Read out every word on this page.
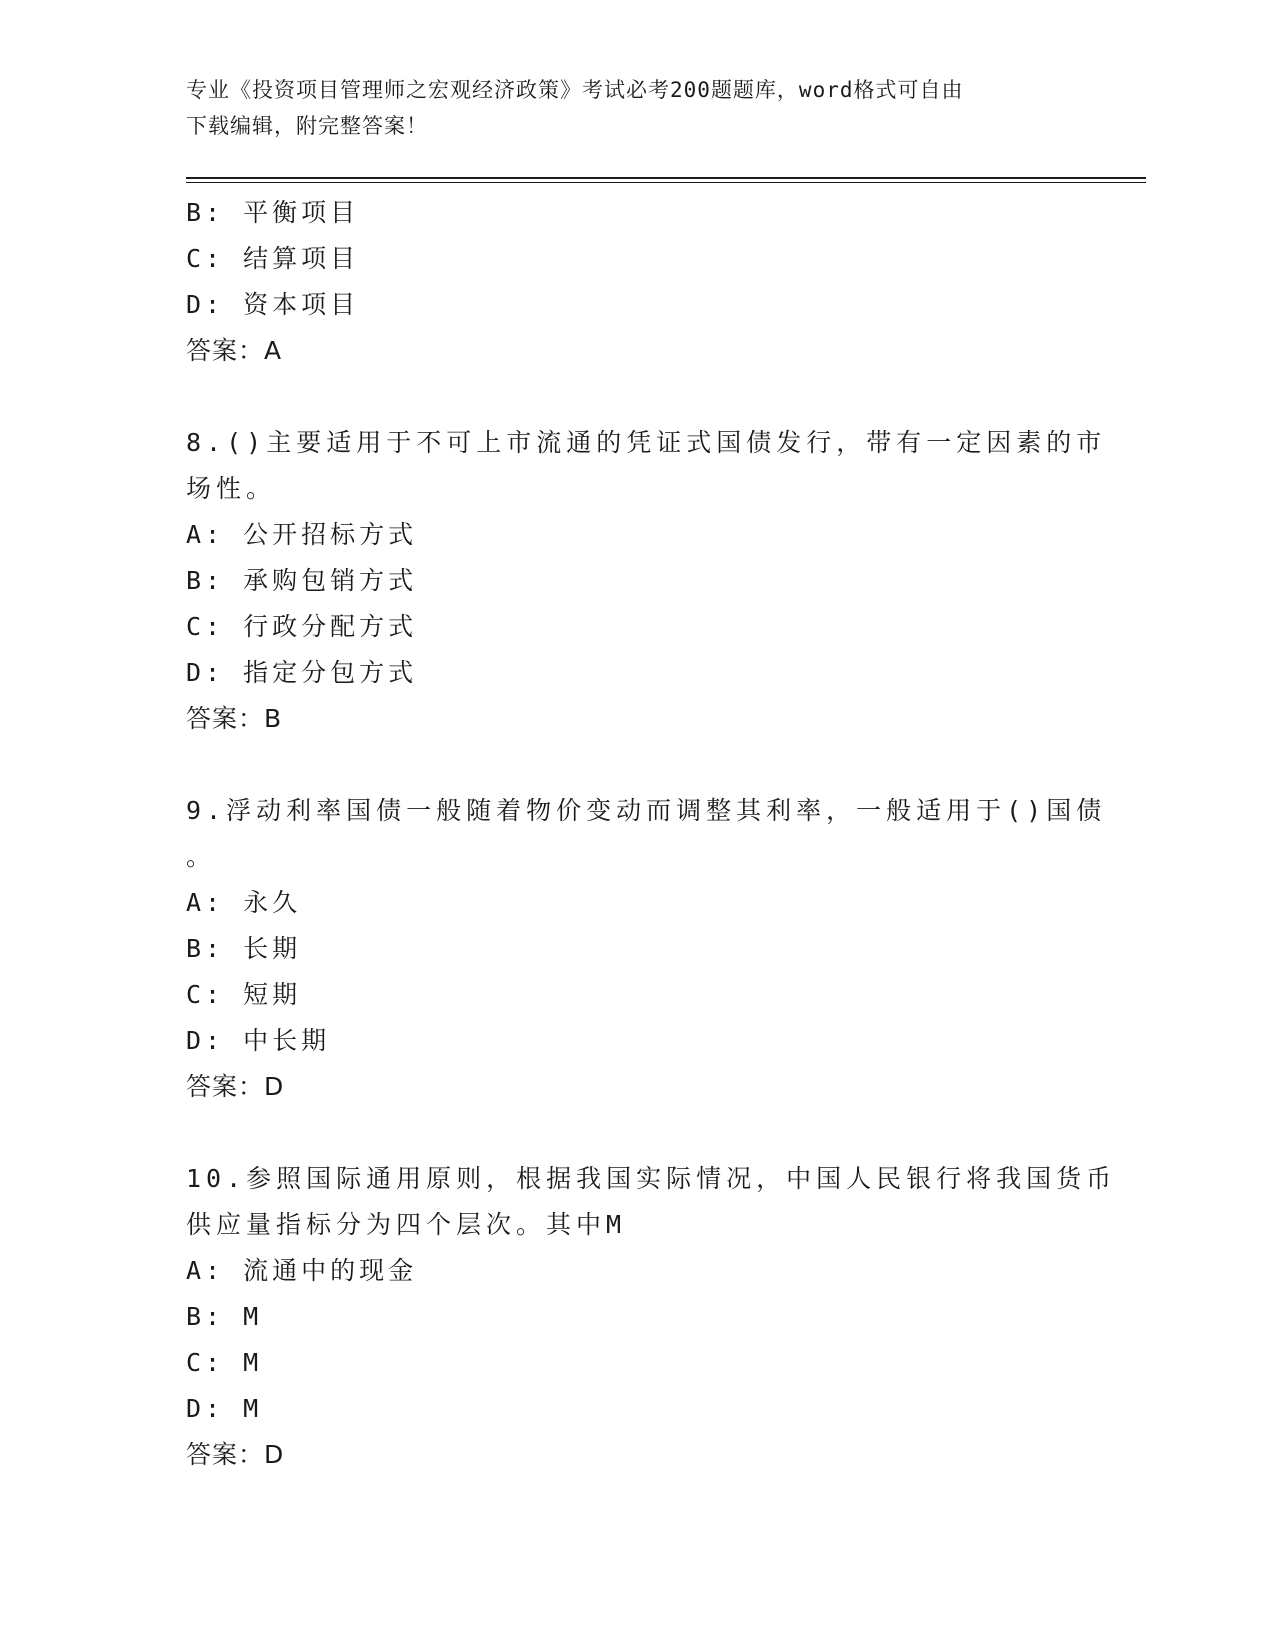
专业《投资项目管理师之宏观经济政策》考试必考200题题库，word格式可自由
下载编辑，附完整答案！
B: 平衡项目
C: 结算项目
D: 资本项目
答案：A
8.()主要适用于不可上市流通的凭证式国债发行，带有一定因素的市
场性。
A: 公开招标方式
B: 承购包销方式
C: 行政分配方式
D: 指定分包方式
答案：B
9.浮动利率国债一般随着物价变动而调整其利率，一般适用于()国债
。
A: 永久
B: 长期
C: 短期
D: 中长期
答案：D
10.参照国际通用原则，根据我国实际情况，中国人民银行将我国货币
供应量指标分为四个层次。其中M
A: 流通中的现金
B: M
C: M
D: M
答案：D
